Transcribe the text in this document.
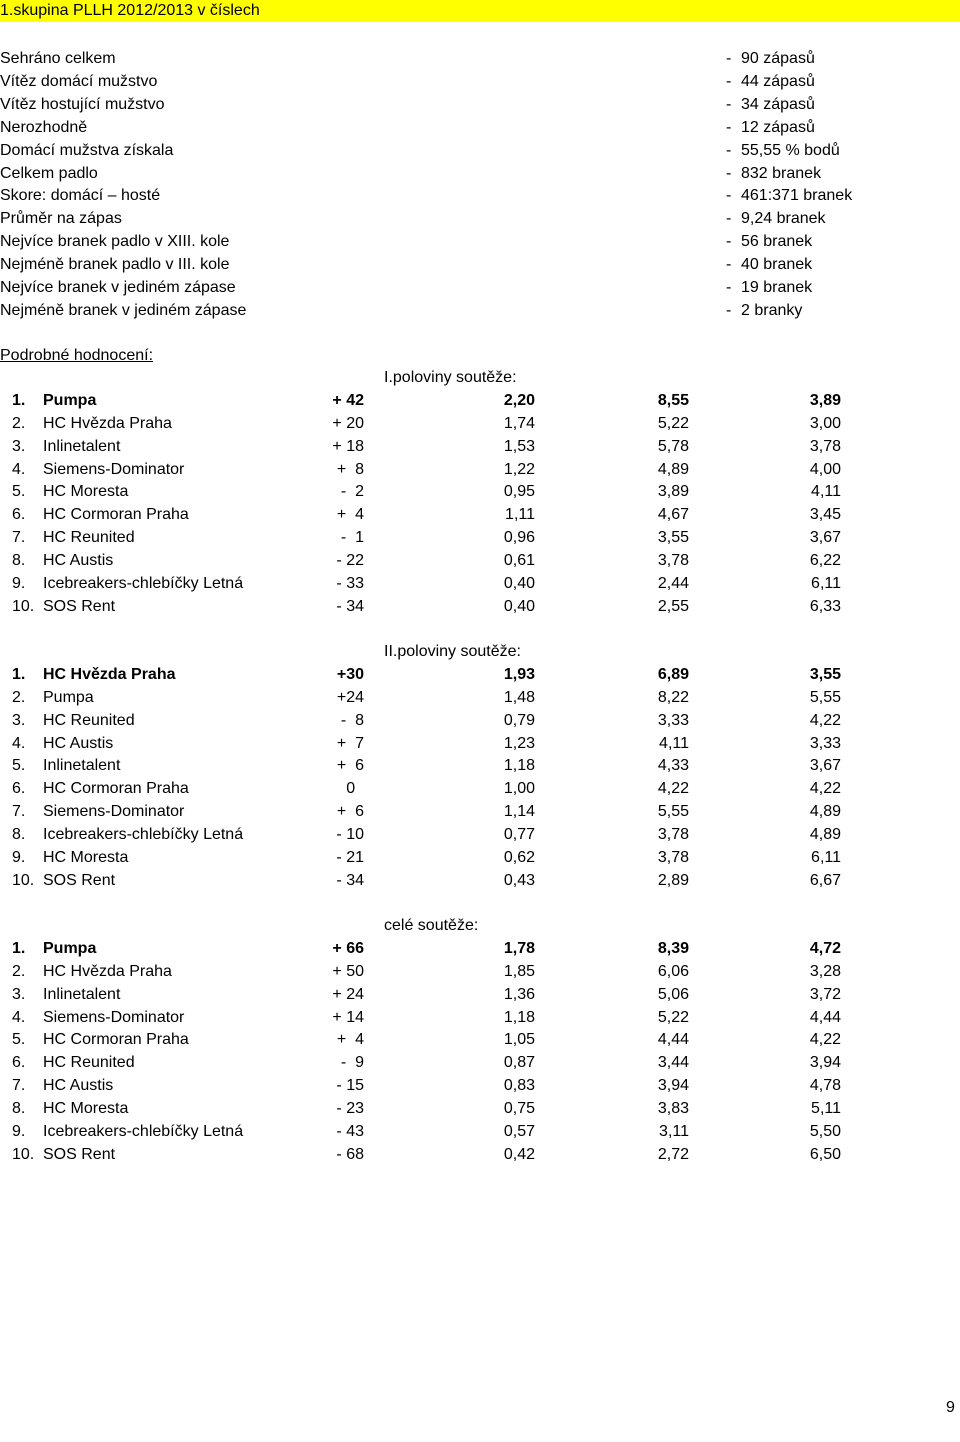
1.skupina PLLH 2012/2013 v číslech
Sehráno celkem	- 90 zápasů
Vítěz domácí mužstvo	- 44 zápasů
Vítěz hostující mužstvo	- 34 zápasů
Nerozhodně	- 12 zápasů
Domácí mužstva získala	- 55,55 % bodů
Celkem padlo	- 832 branek
Skore: domácí – hosté	- 461:371 branek
Průměr na zápas	- 9,24 branek
Nejvíce branek padlo v XIII. kole	- 56 branek
Nejméně branek padlo v III. kole	- 40 branek
Nejvíce branek v jediném zápase	- 19 branek
Nejméně branek v jediném zápase	- 2 branky
Podrobné hodnocení:
I.poloviny soutěže:
1. Pumpa	+ 42	2,20	8,55	3,89
2. HC Hvězda Praha	+ 20	1,74	5,22	3,00
3. Inlinetalent	+ 18	1,53	5,78	3,78
4. Siemens-Dominator	+  8	1,22	4,89	4,00
5. HC Moresta	-  2	0,95	3,89	4,11
6. HC Cormoran Praha	+  4	1,11	4,67	3,45
7. HC Reunited	-  1	0,96	3,55	3,67
8. HC Austis	- 22	0,61	3,78	6,22
9. Icebreakers-chlebíčky Letná	- 33	0,40	2,44	6,11
10. SOS Rent	- 34	0,40	2,55	6,33
II.poloviny soutěže:
1. HC Hvězda Praha	+30	1,93	6,89	3,55
2. Pumpa	+24	1,48	8,22	5,55
3. HC Reunited	-  8	0,79	3,33	4,22
4. HC Austis	+  7	1,23	4,11	3,33
5. Inlinetalent	+  6	1,18	4,33	3,67
6. HC Cormoran Praha	0	1,00	4,22	4,22
7. Siemens-Dominator	+  6	1,14	5,55	4,89
8. Icebreakers-chlebíčky Letná	- 10	0,77	3,78	4,89
9. HC Moresta	- 21	0,62	3,78	6,11
10. SOS Rent	- 34	0,43	2,89	6,67
celé soutěže:
1. Pumpa	+ 66	1,78	8,39	4,72
2. HC Hvězda Praha	+ 50	1,85	6,06	3,28
3. Inlinetalent	+ 24	1,36	5,06	3,72
4. Siemens-Dominator	+ 14	1,18	5,22	4,44
5. HC Cormoran Praha	+  4	1,05	4,44	4,22
6. HC Reunited	-  9	0,87	3,44	3,94
7. HC Austis	- 15	0,83	3,94	4,78
8. HC Moresta	- 23	0,75	3,83	5,11
9. Icebreakers-chlebíčky Letná	- 43	0,57	3,11	5,50
10. SOS Rent	- 68	0,42	2,72	6,50
9
